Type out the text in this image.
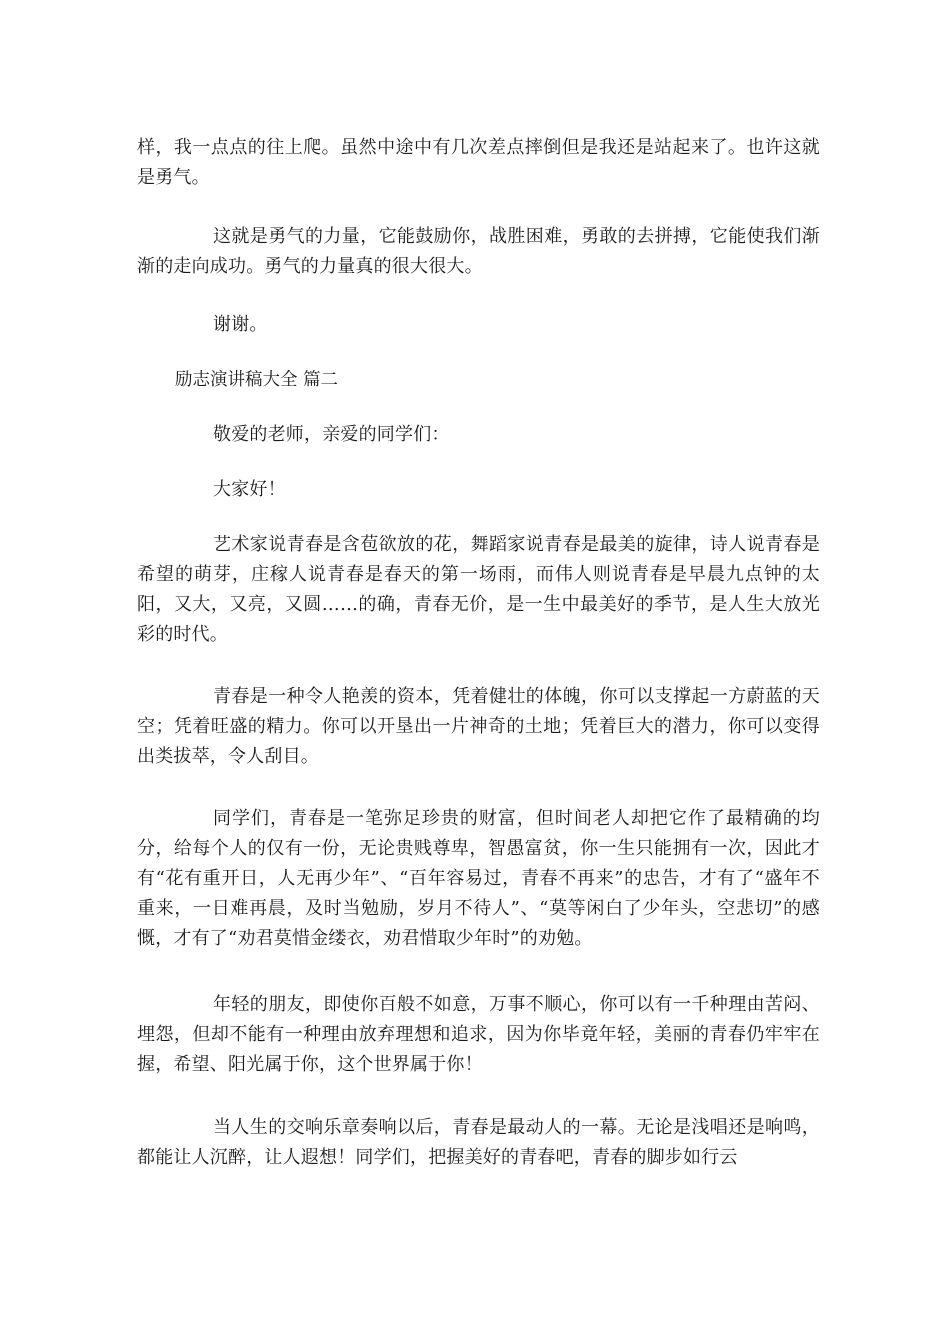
样，我一点点的往上爬。虽然中途中有几次差点摔倒但是我还是站起来了。也许这就是勇气。

这就是勇气的力量，它能鼓励你，战胜困难，勇敢的去拼搏，它能使我们渐渐的走向成功。勇气的力量真的很大很大。

谢谢。

励志演讲稿大全 篇二

敬爱的老师，亲爱的同学们：

大家好！

艺术家说青春是含苞欲放的花，舞蹈家说青春是最美的旋律，诗人说青春是希望的萌芽，庄稼人说青春是春天的第一场雨，而伟人则说青春是早晨九点钟的太阳，又大，又亮，又圆……的确，青春无价，是一生中最美好的季节，是人生大放光彩的时代。

青春是一种令人艳羡的资本，凭着健壮的体魄，你可以支撑起一方蔚蓝的天空；凭着旺盛的精力。你可以开垦出一片神奇的土地；凭着巨大的潜力，你可以变得出类拔萃，令人刮目。

同学们，青春是一笔弥足珍贵的财富，但时间老人却把它作了最精确的均分，给每个人的仅有一份，无论贵贱尊卑，智愚富贫，你一生只能拥有一次，因此才有“花有重开日，人无再少年”、“百年容易过，青春不再来”的忠告，才有了“盛年不重来，一日难再晨，及时当勉励，岁月不待人”、“莫等闲白了少年头，空悲切”的感慨，才有了“劝君莫惜金缕衣，劝君惜取少年时”的劝勉。

年轻的朋友，即使你百般不如意，万事不顺心，你可以有一千种理由苦闷、埋怨，但却不能有一种理由放弃理想和追求，因为你毕竟年轻，美丽的青春仍牢牢在握，希望、阳光属于你，这个世界属于你！

当人生的交响乐章奏响以后，青春是最动人的一幕。无论是浅唱还是响鸣，都能让人沉醉，让人遐想！同学们，把握美好的青春吧，青春的脚步如行云
